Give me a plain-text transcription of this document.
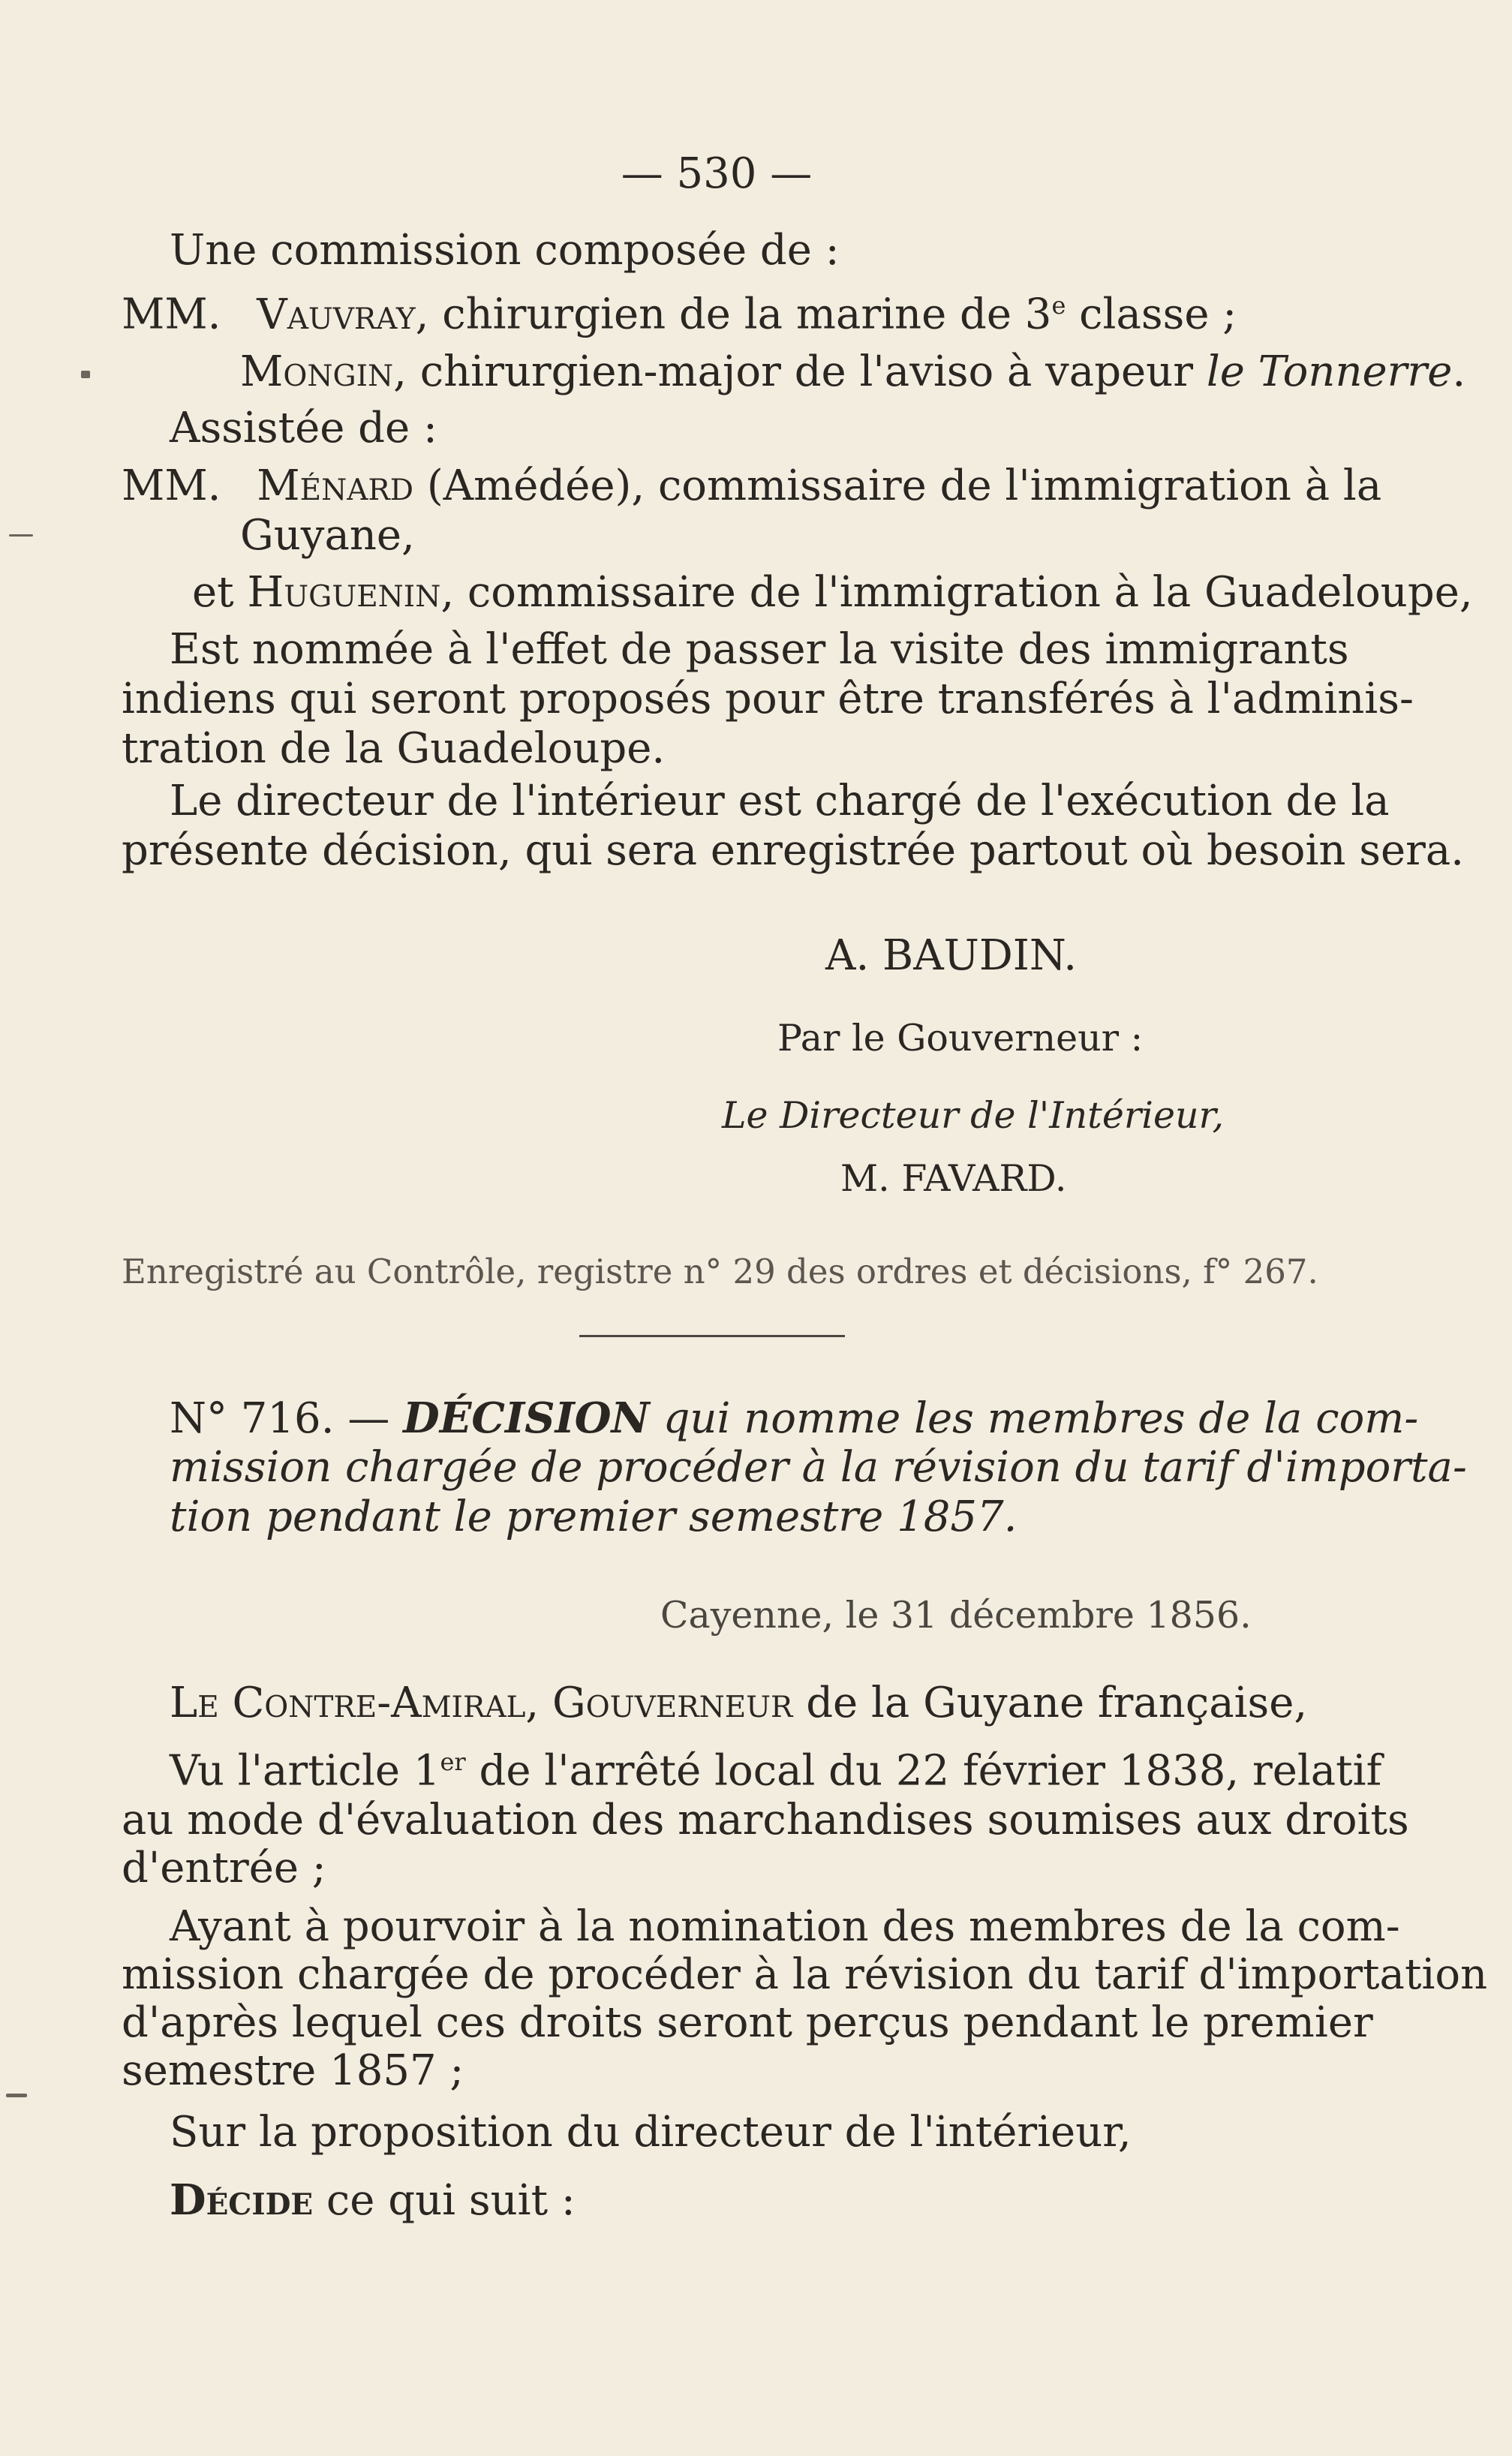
— 530 —
Une commission composée de :
MM. Vauvray, chirurgien de la marine de 3e classe ;
Mongin, chirurgien-major de l'aviso à vapeur le Tonnerre.
Assistée de :
MM. Ménard (Amédée), commissaire de l'immigration à la
Guyane,
et Huguenin, commissaire de l'immigration à la Guadeloupe,
Est nommée à l'effet de passer la visite des immigrants
indiens qui seront proposés pour être transférés à l'adminis-
tration de la Guadeloupe.
Le directeur de l'intérieur est chargé de l'exécution de la
présente décision, qui sera enregistrée partout où besoin sera.
A. BAUDIN.
Par le Gouverneur :
Le Directeur de l'Intérieur,
M. FAVARD.
Enregistré au Contrôle, registre n° 29 des ordres et décisions, f° 267.
N° 716. — DÉCISION qui nomme les membres de la com-
mission chargée de procéder à la révision du tarif d'importa-
tion pendant le premier semestre 1857.
Cayenne, le 31 décembre 1856.
Le Contre-Amiral, Gouverneur de la Guyane française,
Vu l'article 1er de l'arrêté local du 22 février 1838, relatif
au mode d'évaluation des marchandises soumises aux droits
d'entrée ;
Ayant à pourvoir à la nomination des membres de la com-
mission chargée de procéder à la révision du tarif d'importation
d'après lequel ces droits seront perçus pendant le premier
semestre 1857 ;
Sur la proposition du directeur de l'intérieur,
Décide ce qui suit :
